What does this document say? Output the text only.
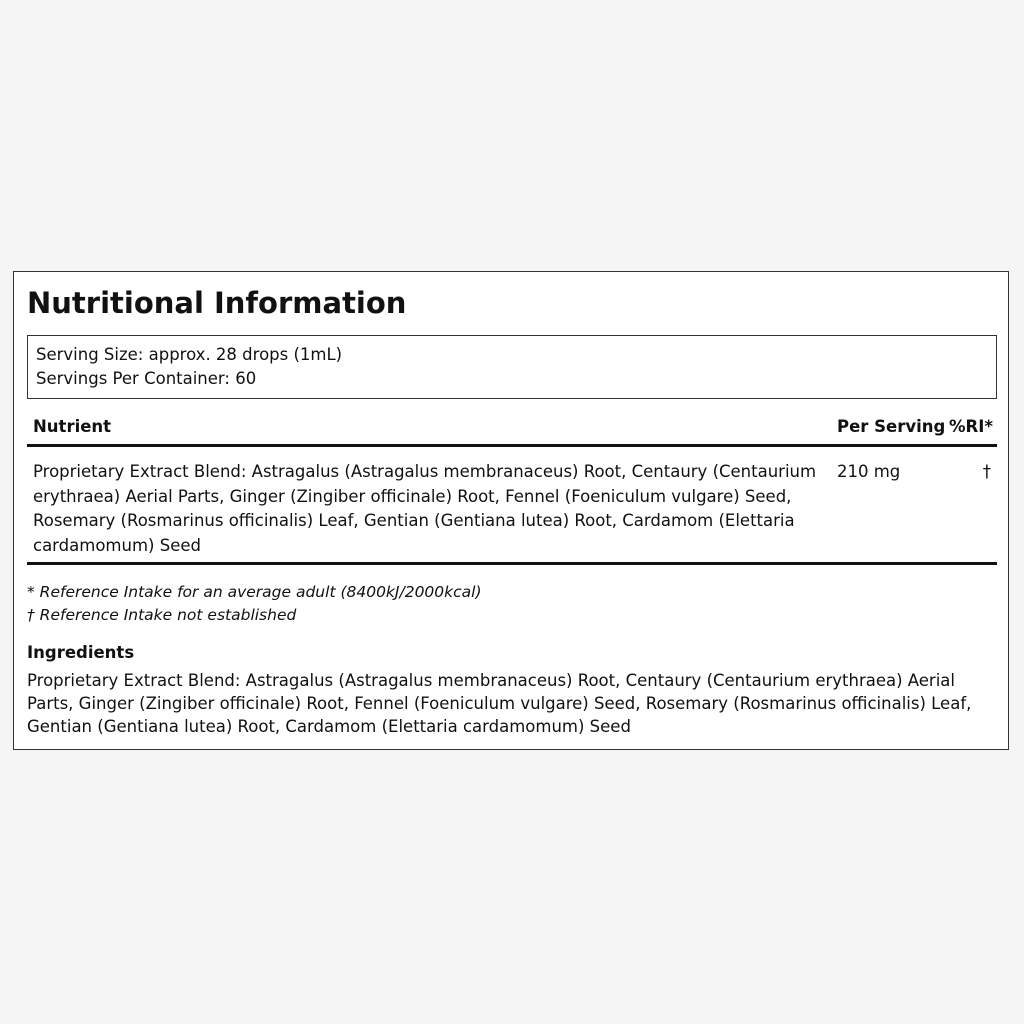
Nutritional Information
Serving Size: approx. 28 drops (1mL)
Servings Per Container: 60
Nutrient	Per Serving %RI*
Proprietary Extract Blend: Astragalus (Astragalus membranaceus) Root, Centaury (Centaurium erythraea) Aerial Parts, Ginger (Zingiber officinale) Root, Fennel (Foeniculum vulgare) Seed, Rosemary (Rosmarinus officinalis) Leaf, Gentian (Gentiana lutea) Root, Cardamom (Elettaria cardamomum) Seed
210 mg	†
* Reference Intake for an average adult (8400kJ/2000kcal)
† Reference Intake not established
Ingredients
Proprietary Extract Blend: Astragalus (Astragalus membranaceus) Root, Centaury (Centaurium erythraea) Aerial Parts, Ginger (Zingiber officinale) Root, Fennel (Foeniculum vulgare) Seed, Rosemary (Rosmarinus officinalis) Leaf, Gentian (Gentiana lutea) Root, Cardamom (Elettaria cardamomum) Seed
